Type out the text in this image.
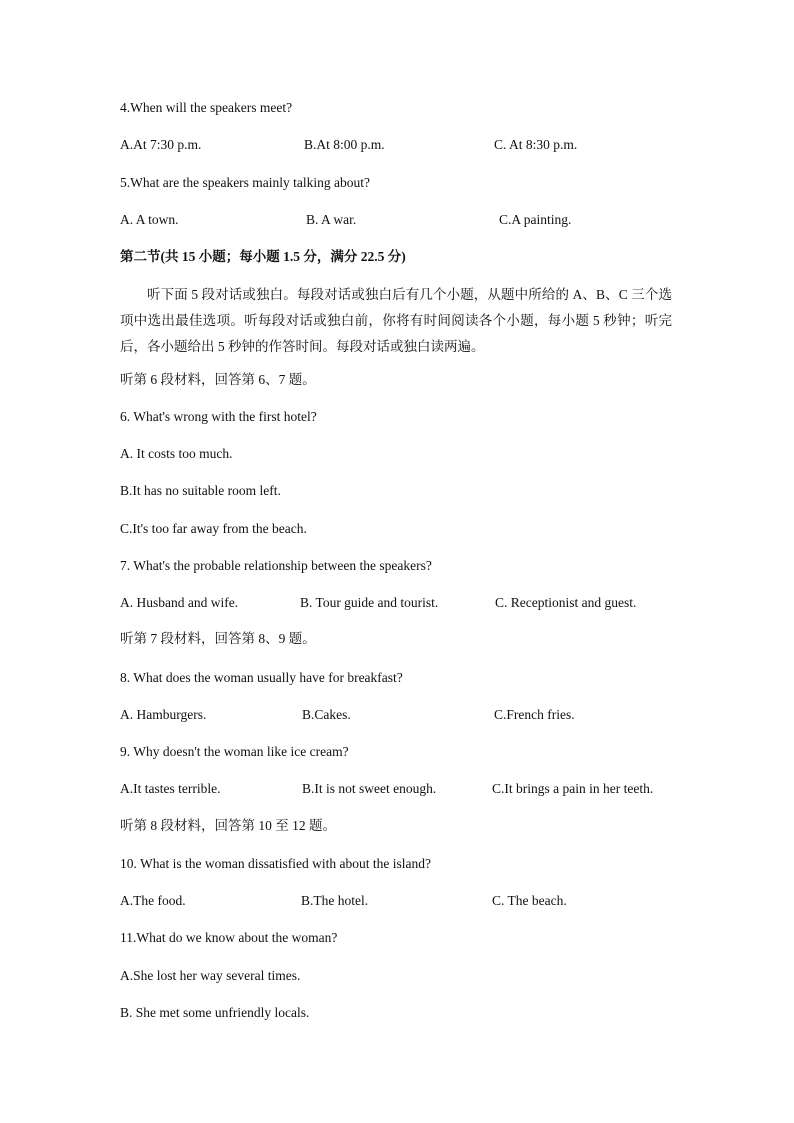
4.When will the speakers meet?
A.At 7:30 p.m.	B.At 8:00 p.m.	C. At 8:30 p.m.
5.What are the speakers mainly talking about?
A. A town.	B. A war.	C.A painting.
第二节(共 15 小题；每小题 1.5 分，满分 22.5 分)
听下面 5 段对话或独白。每段对话或独白后有几个小题，从题中所给的 A、B、C 三个选项中选出最佳选项。听每段对话或独白前，你将有时间阅读各个小题，每小题 5 秒钟；听完后，各小题给出 5 秒钟的作答时间。每段对话或独白读两遍。
听第 6 段材料，回答第 6、7 题。
6. What's wrong with the first hotel?
A. It costs too much.
B.It has no suitable room left.
C.It's too far away from the beach.
7. What's the probable relationship between the speakers?
A. Husband and wife.	B. Tour guide and tourist.	C. Receptionist and guest.
听第 7 段材料，回答第 8、9 题。
8. What does the woman usually have for breakfast?
A. Hamburgers.	B.Cakes.	C.French fries.
9. Why doesn't the woman like ice cream?
A.It tastes terrible.	B.It is not sweet enough.	C.It brings a pain in her teeth.
听第 8 段材料，回答第 10 至 12 题。
10. What is the woman dissatisfied with about the island?
A.The food.	B.The hotel.	C. The beach.
11.What do we know about the woman?
A.She lost her way several times.
B. She met some unfriendly locals.
